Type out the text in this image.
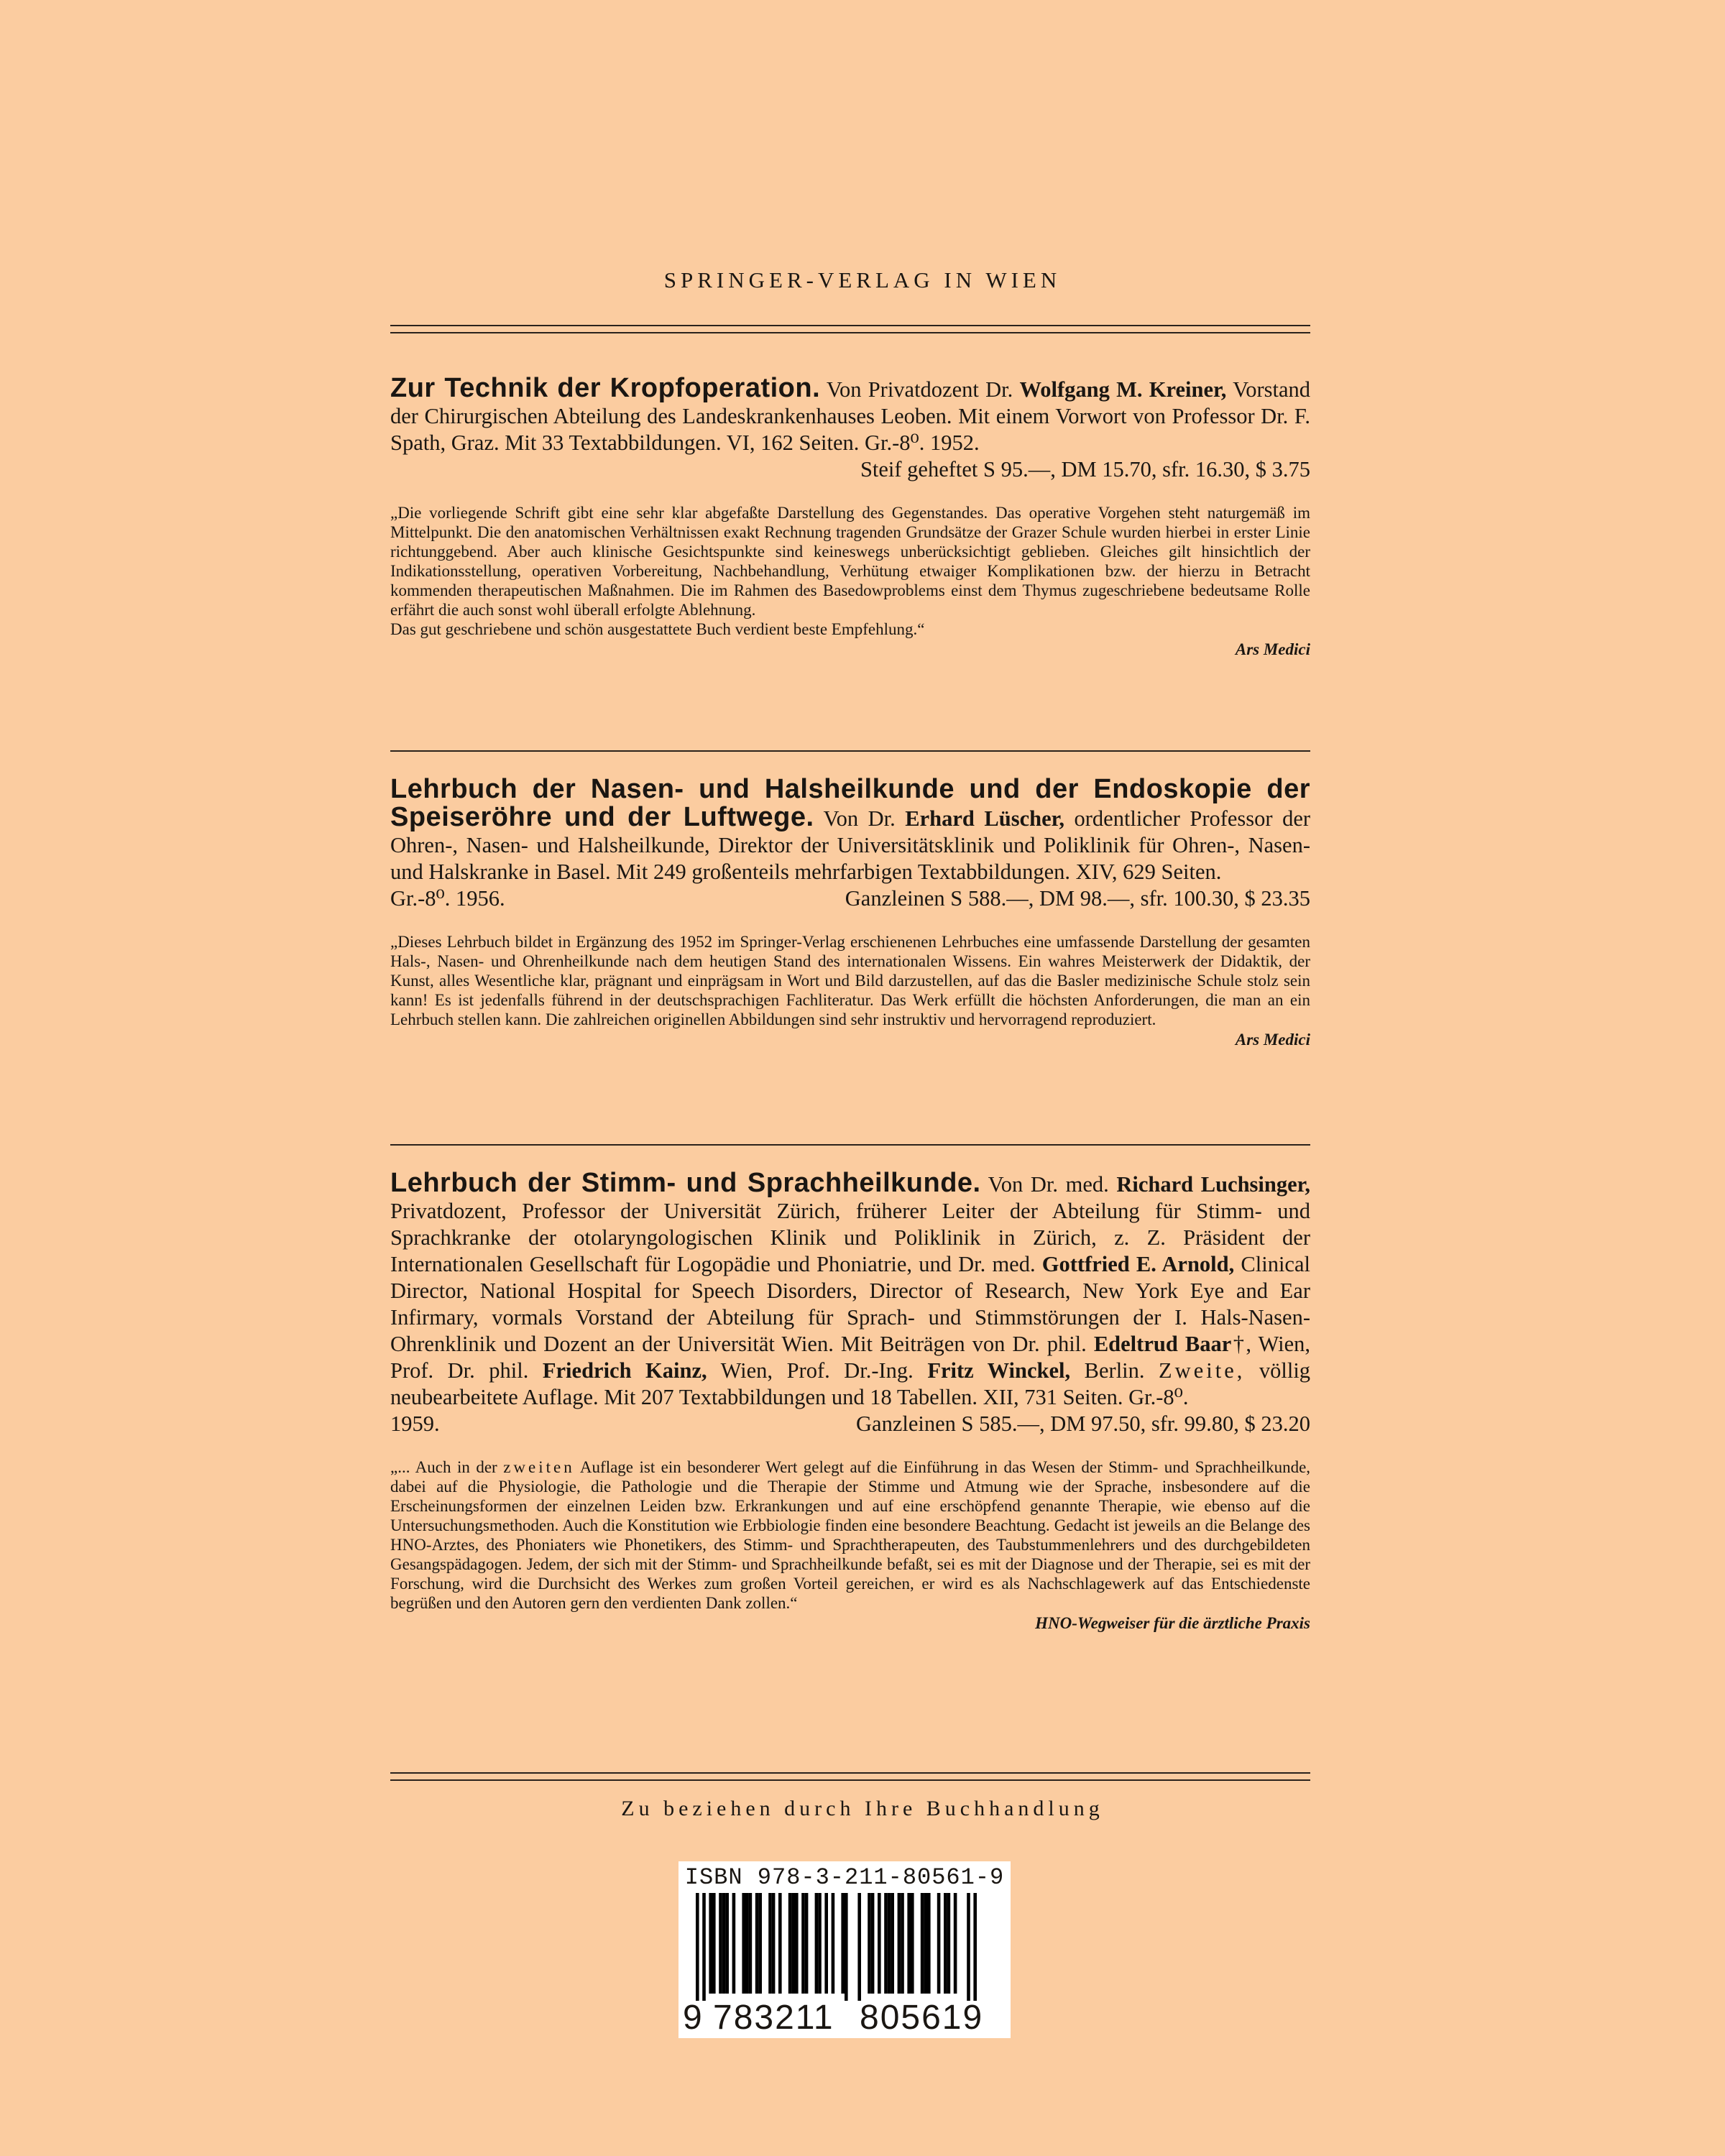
SPRINGER-VERLAG IN WIEN
Zur Technik der Kropfoperation. Von Privatdozent Dr. Wolfgang M. Kreiner, Vorstand der Chirurgischen Abteilung des Landeskrankenhauses Leoben. Mit einem Vorwort von Professor Dr. F. Spath, Graz. Mit 33 Textabbildungen. VI, 162 Seiten. Gr.-8⁰. 1952.
Steif geheftet S 95.—, DM 15.70, sfr. 16.30, $ 3.75
„Die vorliegende Schrift gibt eine sehr klar abgefaßte Darstellung des Gegenstandes. Das operative Vorgehen steht naturgemäß im Mittelpunkt. Die den anatomischen Verhältnissen exakt Rechnung tragenden Grundsätze der Grazer Schule wurden hierbei in erster Linie richtunggebend. Aber auch klinische Gesichtspunkte sind keineswegs unberücksichtigt geblieben. Gleiches gilt hinsichtlich der Indikationsstellung, operativen Vorbereitung, Nachbehandlung, Verhütung etwaiger Komplikationen bzw. der hierzu in Betracht kommenden therapeutischen Maßnahmen. Die im Rahmen des Basedowproblems einst dem Thymus zugeschriebene bedeutsame Rolle erfährt die auch sonst wohl überall erfolgte Ablehnung.
Das gut geschriebene und schön ausgestattete Buch verdient beste Empfehlung.“
Ars Medici
Lehrbuch der Nasen- und Halsheilkunde und der Endoskopie der Speiseröhre und der Luftwege. Von Dr. Erhard Lüscher, ordentlicher Professor der Ohren-, Nasen- und Halsheilkunde, Direktor der Universitätsklinik und Poliklinik für Ohren-, Nasen- und Halskranke in Basel. Mit 249 großenteils mehrfarbigen Textabbildungen. XIV, 629 Seiten.
Gr.-8⁰. 1956.	Ganzleinen S 588.—, DM 98.—, sfr. 100.30, $ 23.35
„Dieses Lehrbuch bildet in Ergänzung des 1952 im Springer-Verlag erschienenen Lehrbuches eine umfassende Darstellung der gesamten Hals-, Nasen- und Ohrenheilkunde nach dem heutigen Stand des internationalen Wissens. Ein wahres Meisterwerk der Didaktik, der Kunst, alles Wesentliche klar, prägnant und einprägsam in Wort und Bild darzustellen, auf das die Basler medizinische Schule stolz sein kann! Es ist jedenfalls führend in der deutschsprachigen Fachliteratur. Das Werk erfüllt die höchsten Anforderungen, die man an ein Lehrbuch stellen kann. Die zahlreichen originellen Abbildungen sind sehr instruktiv und hervorragend reproduziert.
Ars Medici
Lehrbuch der Stimm- und Sprachheilkunde. Von Dr. med. Richard Luchsinger, Privatdozent, Professor der Universität Zürich, früherer Leiter der Abteilung für Stimm- und Sprachkranke der otolaryngologischen Klinik und Poliklinik in Zürich, z. Z. Präsident der Internationalen Gesellschaft für Logopädie und Phoniatrie, und Dr. med. Gottfried E. Arnold, Clinical Director, National Hospital for Speech Disorders, Director of Research, New York Eye and Ear Infirmary, vormals Vorstand der Abteilung für Sprach- und Stimmstörungen der I. Hals-Nasen-Ohrenklinik und Dozent an der Universität Wien. Mit Beiträgen von Dr. phil. Edeltrud Baar†, Wien, Prof. Dr. phil. Friedrich Kainz, Wien, Prof. Dr.-Ing. Fritz Winckel, Berlin. Zweite, völlig neubearbeitete Auflage. Mit 207 Textabbildungen und 18 Tabellen. XII, 731 Seiten. Gr.-8⁰.
1959.	Ganzleinen S 585.—, DM 97.50, sfr. 99.80, $ 23.20
„... Auch in der zweiten Auflage ist ein besonderer Wert gelegt auf die Einführung in das Wesen der Stimm- und Sprachheilkunde, dabei auf die Physiologie, die Pathologie und die Therapie der Stimme und Atmung wie der Sprache, insbesondere auf die Erscheinungsformen der einzelnen Leiden bzw. Erkrankungen und auf eine erschöpfend genannte Therapie, wie ebenso auf die Untersuchungsmethoden. Auch die Konstitution wie Erbbiologie finden eine besondere Beachtung. Gedacht ist jeweils an die Belange des HNO-Arztes, des Phoniaters wie Phonetikers, des Stimm- und Sprachtherapeuten, des Taubstummenlehrers und des durchgebildeten Gesangspädagogen. Jedem, der sich mit der Stimm- und Sprachheilkunde befaßt, sei es mit der Diagnose und der Therapie, sei es mit der Forschung, wird die Durchsicht des Werkes zum großen Vorteil gereichen, er wird es als Nachschlagewerk auf das Entschiedenste begrüßen und den Autoren gern den verdienten Dank zollen.“
HNO-Wegweiser für die ärztliche Praxis
Zu beziehen durch Ihre Buchhandlung
ISBN 978-3-211-80561-9
9 783211 805619
